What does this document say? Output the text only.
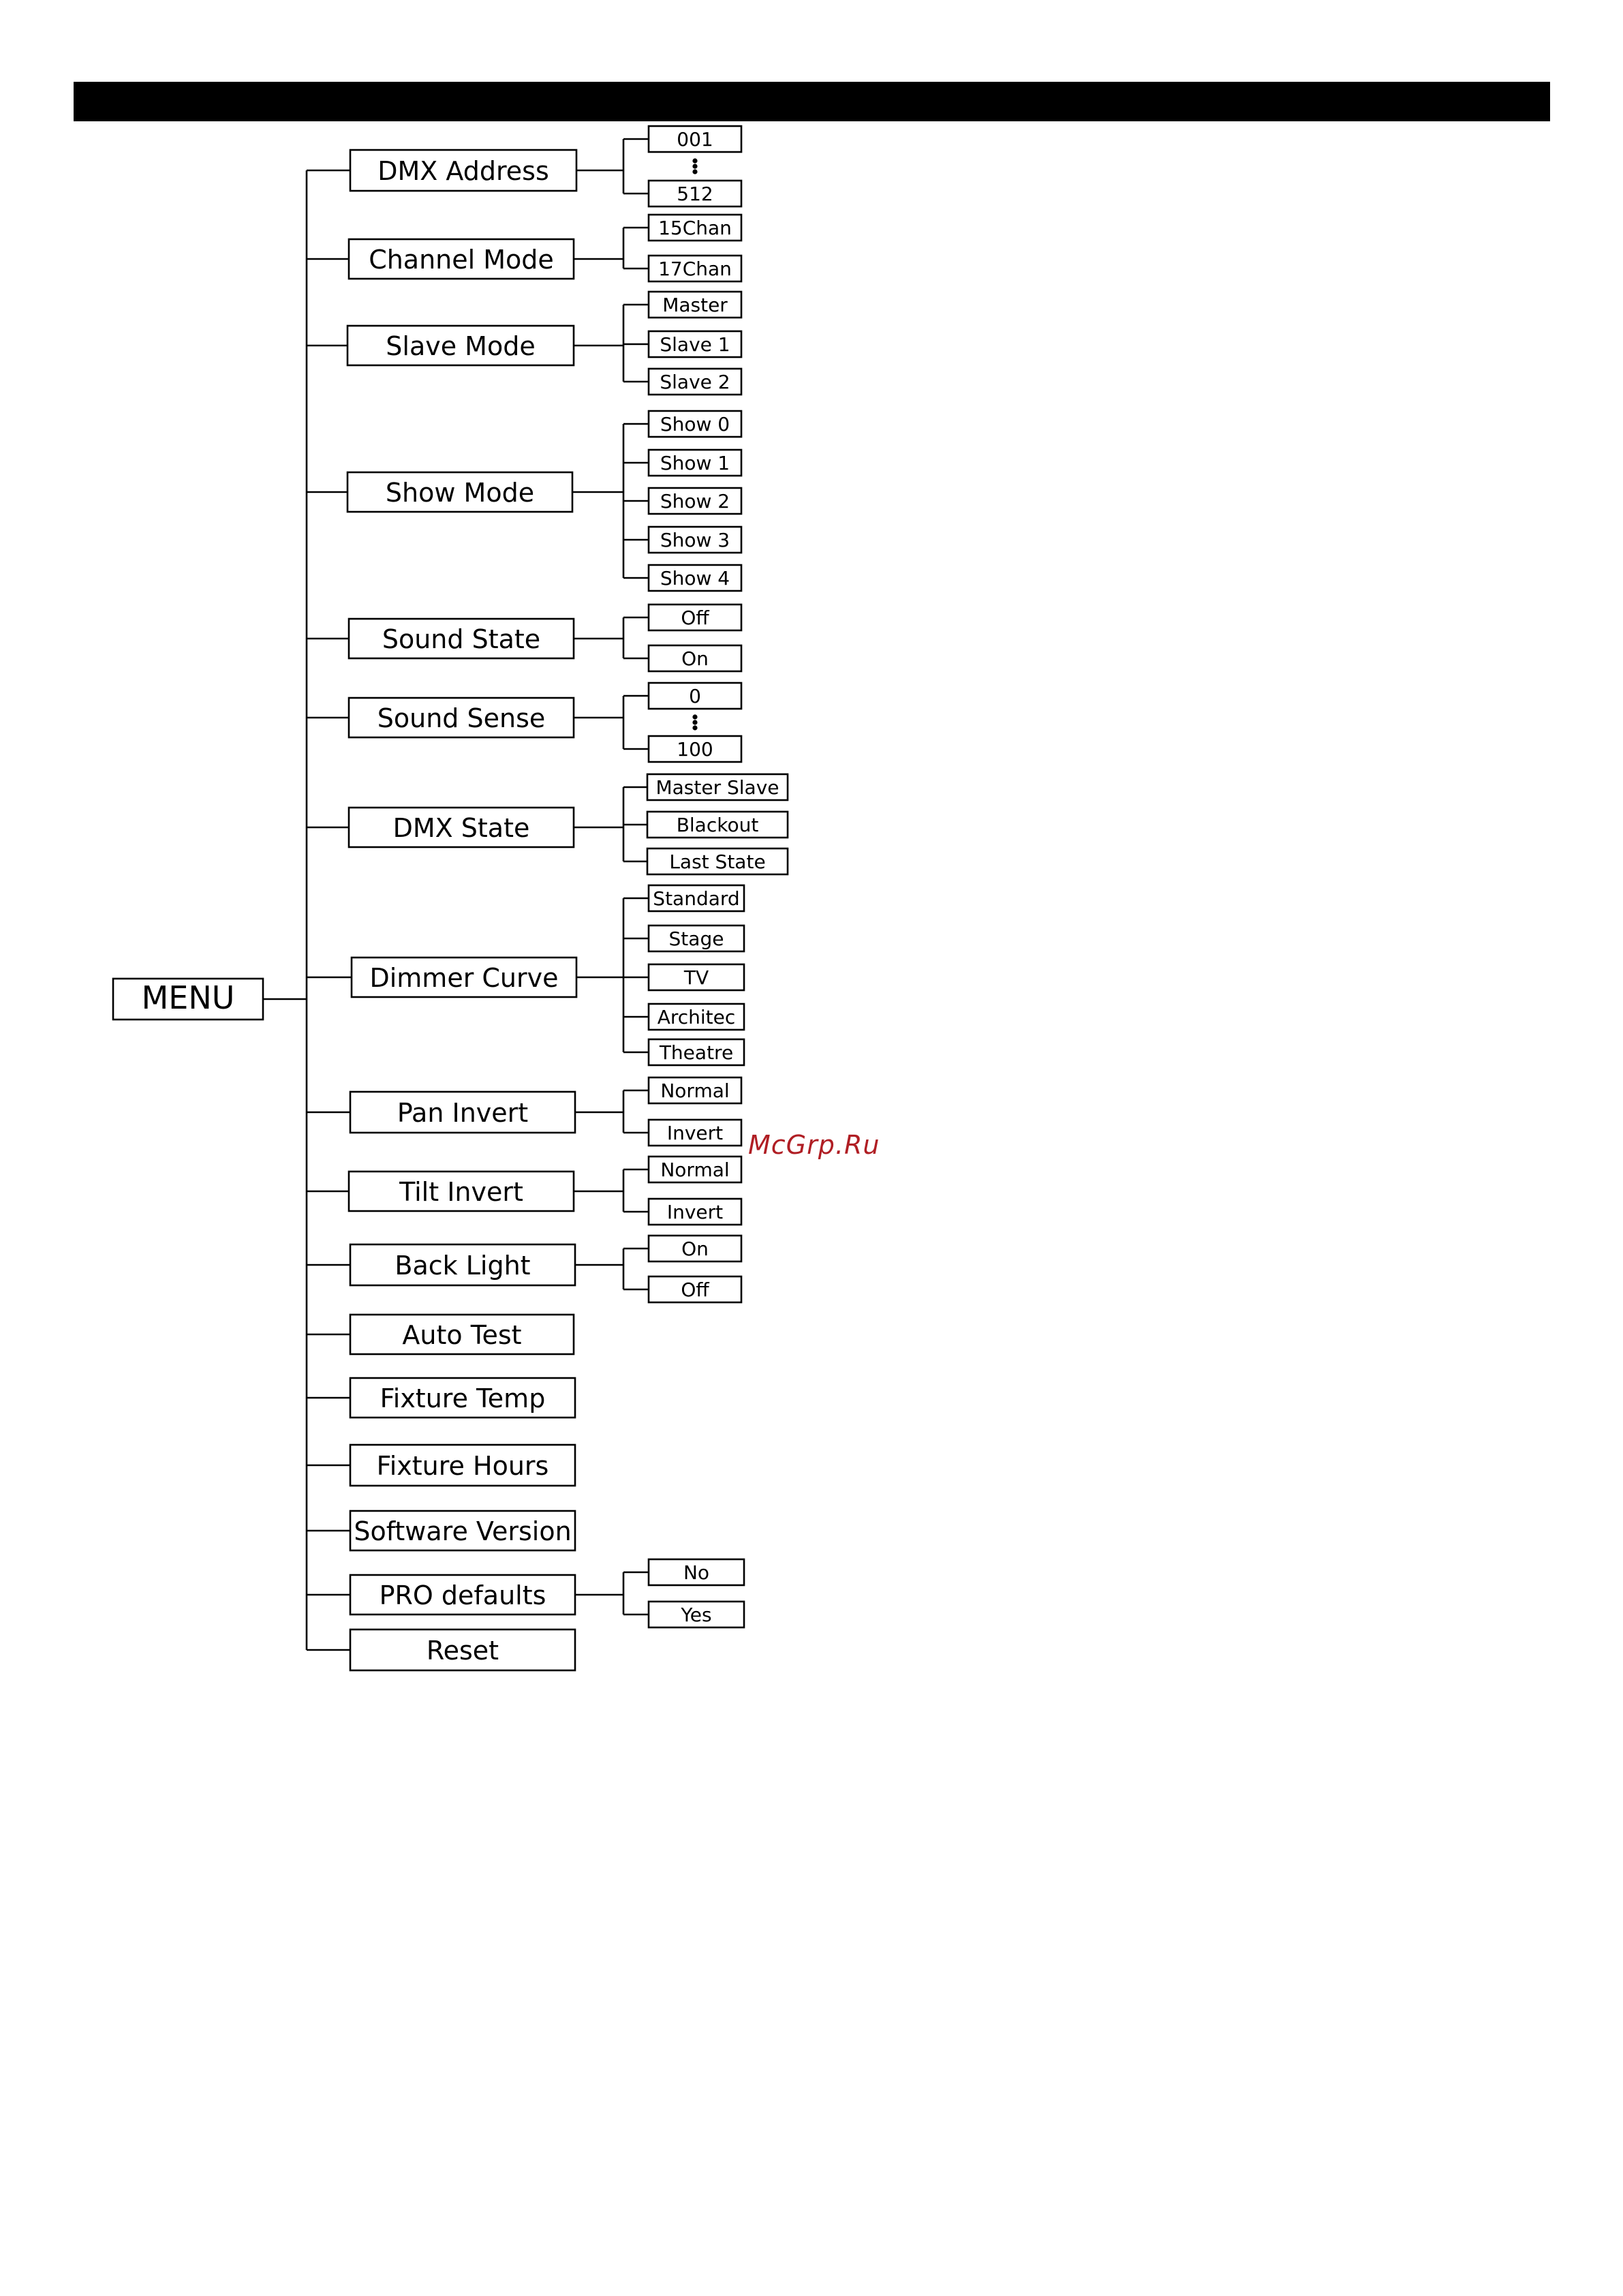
MENU
DMX Address
001
512
Channel Mode
15Chan
17Chan
Slave Mode
Master
Slave 1
Slave 2
Show Mode
Show 0
Show 1
Show 2
Show 3
Show 4
Sound State
Off
On
Sound Sense
0
100
DMX State
Master Slave
Blackout
Last State
Dimmer Curve
Standard
Stage
TV
Architec
Theatre
Pan Invert
Normal
Invert
Tilt Invert
Normal
Invert
Back Light
On
Off
Auto Test
Fixture Temp
Fixture Hours
Software Version
PRO defaults
No
Yes
Reset
McGrp.Ru
